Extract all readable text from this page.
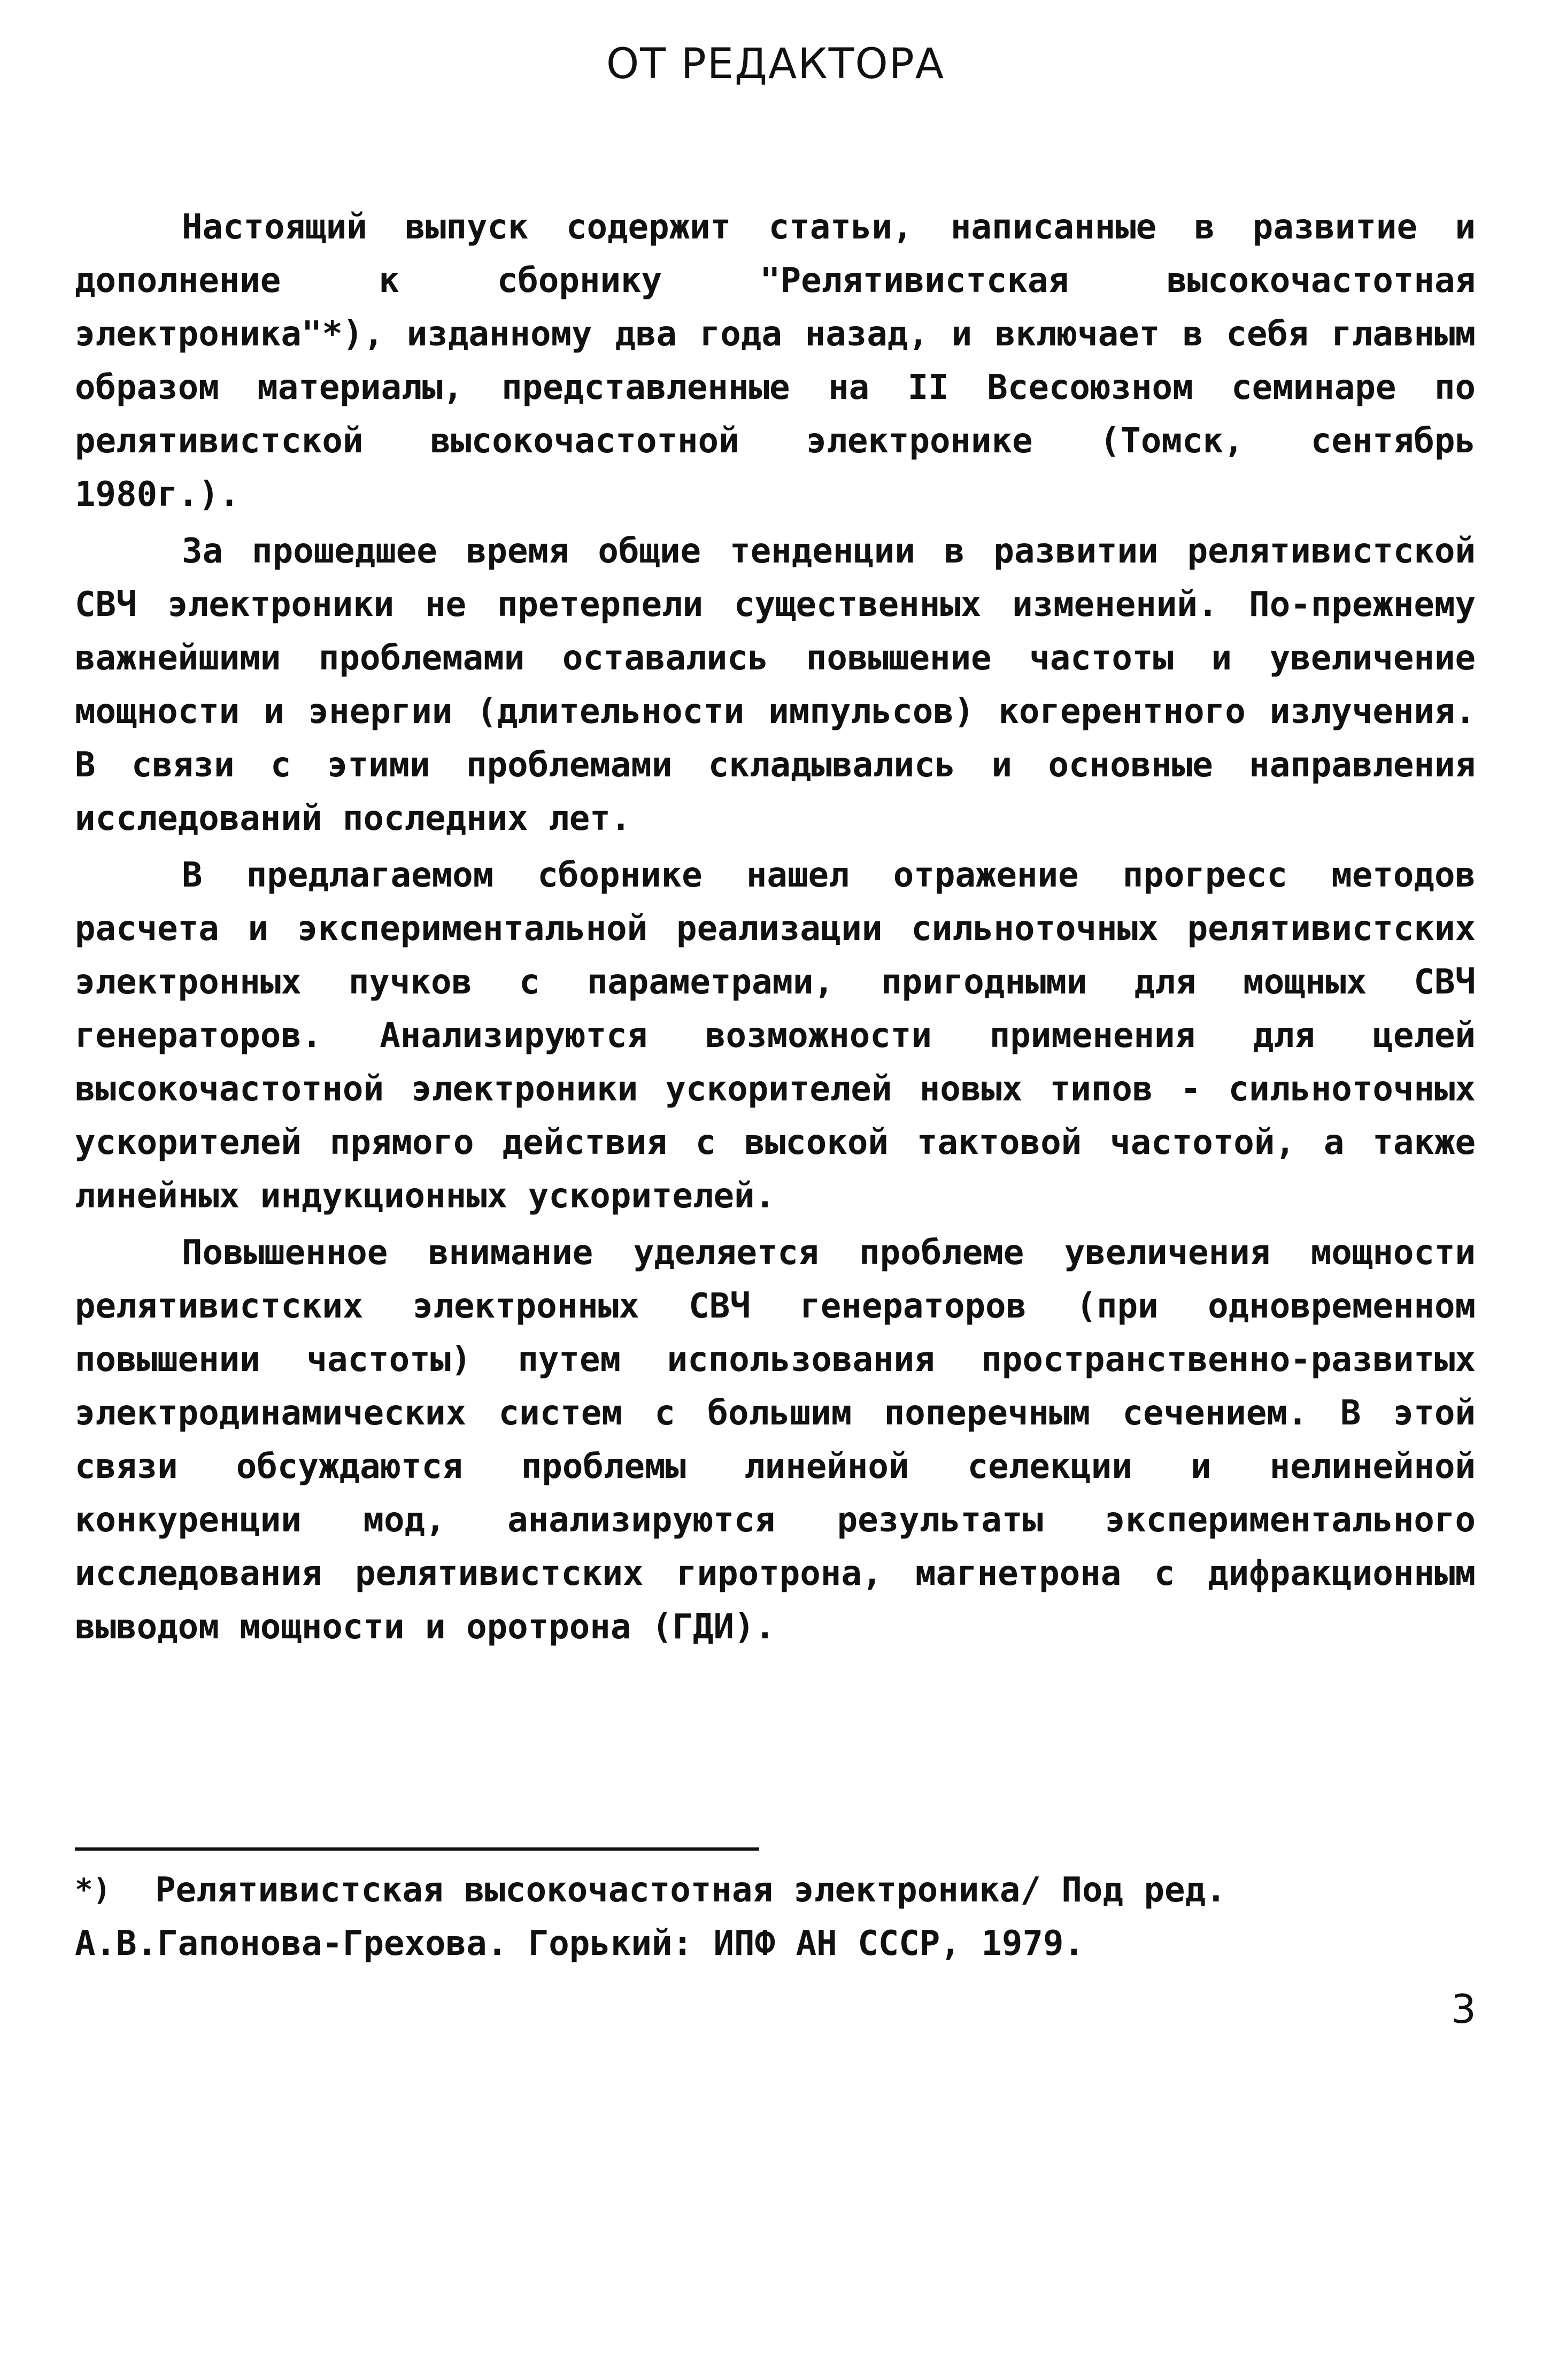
ОТ РЕДАКТОРА

Настоящий выпуск содержит статьи, написанные в развитие и дополнение к сборнику "Релятивистская высокочастотная электроника"*), изданному два года назад, и включает в себя главным образом материалы, представленные на II Всесоюзном семинаре по релятивистской высокочастотной электронике (Томск, сентябрь 1980г.).

За прошедшее время общие тенденции в развитии релятивистской СВЧ электроники не претерпели существенных изменений. По-прежнему важнейшими проблемами оставались повышение частоты и увеличение мощности и энергии (длительности импульсов) когерентного излучения. В связи с этими проблемами складывались и основные направления исследований последних лет.

В предлагаемом сборнике нашел отражение прогресс методов расчета и экспериментальной реализации сильноточных релятивистских электронных пучков с параметрами, пригодными для мощных СВЧ генераторов. Анализируются возможности применения для целей высокочастотной электроники ускорителей новых типов - сильноточных ускорителей прямого действия с высокой тактовой частотой, а также линейных индукционных ускорителей.

Повышенное внимание уделяется проблеме увеличения мощности релятивистских электронных СВЧ генераторов (при одновременном повышении частоты) путем использования пространственно-развитых электродинамических систем с большим поперечным сечением. В этой связи обсуждаются проблемы линейной селекции и нелинейной конкуренции мод, анализируются результаты экспериментального исследования релятивистских гиротрона, магнетрона с дифракционным выводом мощности и оротрона (ГДИ).

*) Релятивистская высокочастотная электроника/ Под ред. А.В.Гапонова-Грехова. Горький: ИПФ АН СССР, 1979.
3
